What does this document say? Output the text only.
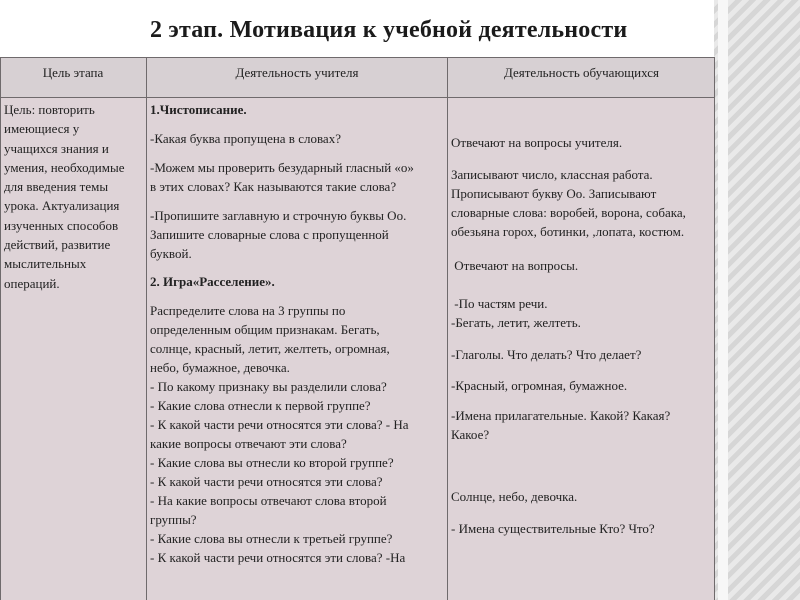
2 этап. Мотивация к учебной деятельности
Цель этапа	Деятельность учителя	Деятельность обучающихся

Цель: повторить

имеющиеся у

учащихся знания и

умения, необходимые

для введения темы

урока. Актуализация

изученных способов

действий, развитие

мыслительных

операций.

1.Чистописание.

-Какая буква пропущена в словах?

-Можем мы проверить безударный гласный «о»

в этих словах? Как называются такие слова?

-Пропишите заглавную и строчную буквы Оо.

Запишите словарные слова с пропущенной

буквой.

2. Игра«Расселение».

Распределите слова на 3 группы по

определенным общим признакам. Бегать,

солнце, красный, летит, желтеть, огромная,

небо, бумажное, девочка.

- По какому признаку вы разделили слова?

- Какие слова отнесли к первой группе?

- К какой части речи относятся эти слова? - На

какие вопросы отвечают эти слова?

- Какие слова вы отнесли ко второй группе?

- К какой части речи относятся эти слова?

- На какие вопросы отвечают слова второй

группы?

- Какие слова вы отнесли к третьей группе?

- К какой части речи относятся эти слова? -На

Отвечают на вопросы учителя.

Записывают число, классная работа.

Прописывают букву Оо. Записывают

словарные слова: воробей, ворона, собака,

обезьяна горох, ботинки, ,лопата, костюм.

Отвечают на вопросы.

-По частям речи.

-Бегать, летит, желтеть.

-Глаголы. Что делать? Что делает?

-Красный, огромная, бумажное.

-Имена прилагательные. Какой? Какая?

Какое?

Солнце, небо, девочка.

- Имена существительные Кто? Что?
